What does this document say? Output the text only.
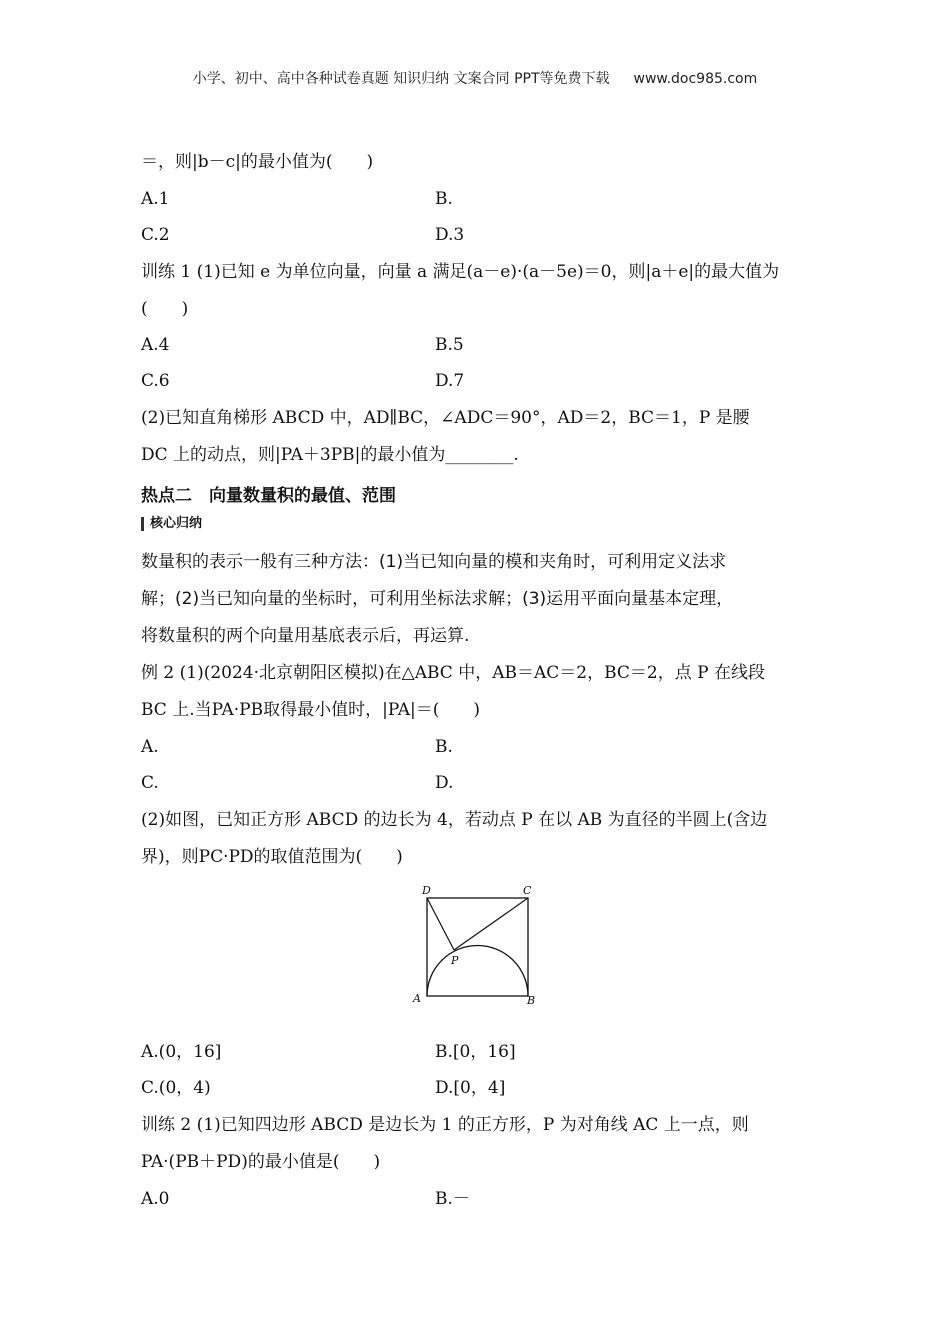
小学、初中、高中各种试卷真题 知识归纳 文案合同 PPT等免费下载 www.doc985.com
＝，则|b－c|的最小值为(　　)
A.1	B.
C.2	D.3
训练 1 (1)已知 e 为单位向量，向量 a 满足(a－e)·(a－5e)＝0，则|a＋e|的最大值为
(　　)
A.4	B.5
C.6	D.7
(2)已知直角梯形 ABCD 中，AD∥BC，∠ADC＝90°，AD＝2，BC＝1，P 是腰
DC 上的动点，则|PA＋3PB|的最小值为________.
热点二　向量数量积的最值、范围
核心归纳
数量积的表示一般有三种方法：(1)当已知向量的模和夹角时，可利用定义法求
解；(2)当已知向量的坐标时，可利用坐标法求解；(3)运用平面向量基本定理，
将数量积的两个向量用基底表示后，再运算.
例 2 (1)(2024·北京朝阳区模拟)在△ABC 中，AB＝AC＝2，BC＝2，点 P 在线段
BC 上.当PA·PB取得最小值时，|PA|＝(　　)
A.	B.
C.	D.
(2)如图，已知正方形 ABCD 的边长为 4，若动点 P 在以 AB 为直径的半圆上(含边
界)，则PC·PD的取值范围为(　　)
D	C
P
A	B
A.(0，16]	B.[0，16]
C.(0，4)	D.[0，4]
训练 2 (1)已知四边形 ABCD 是边长为 1 的正方形，P 为对角线 AC 上一点，则
PA·(PB＋PD)的最小值是(　　)
A.0	B.－
